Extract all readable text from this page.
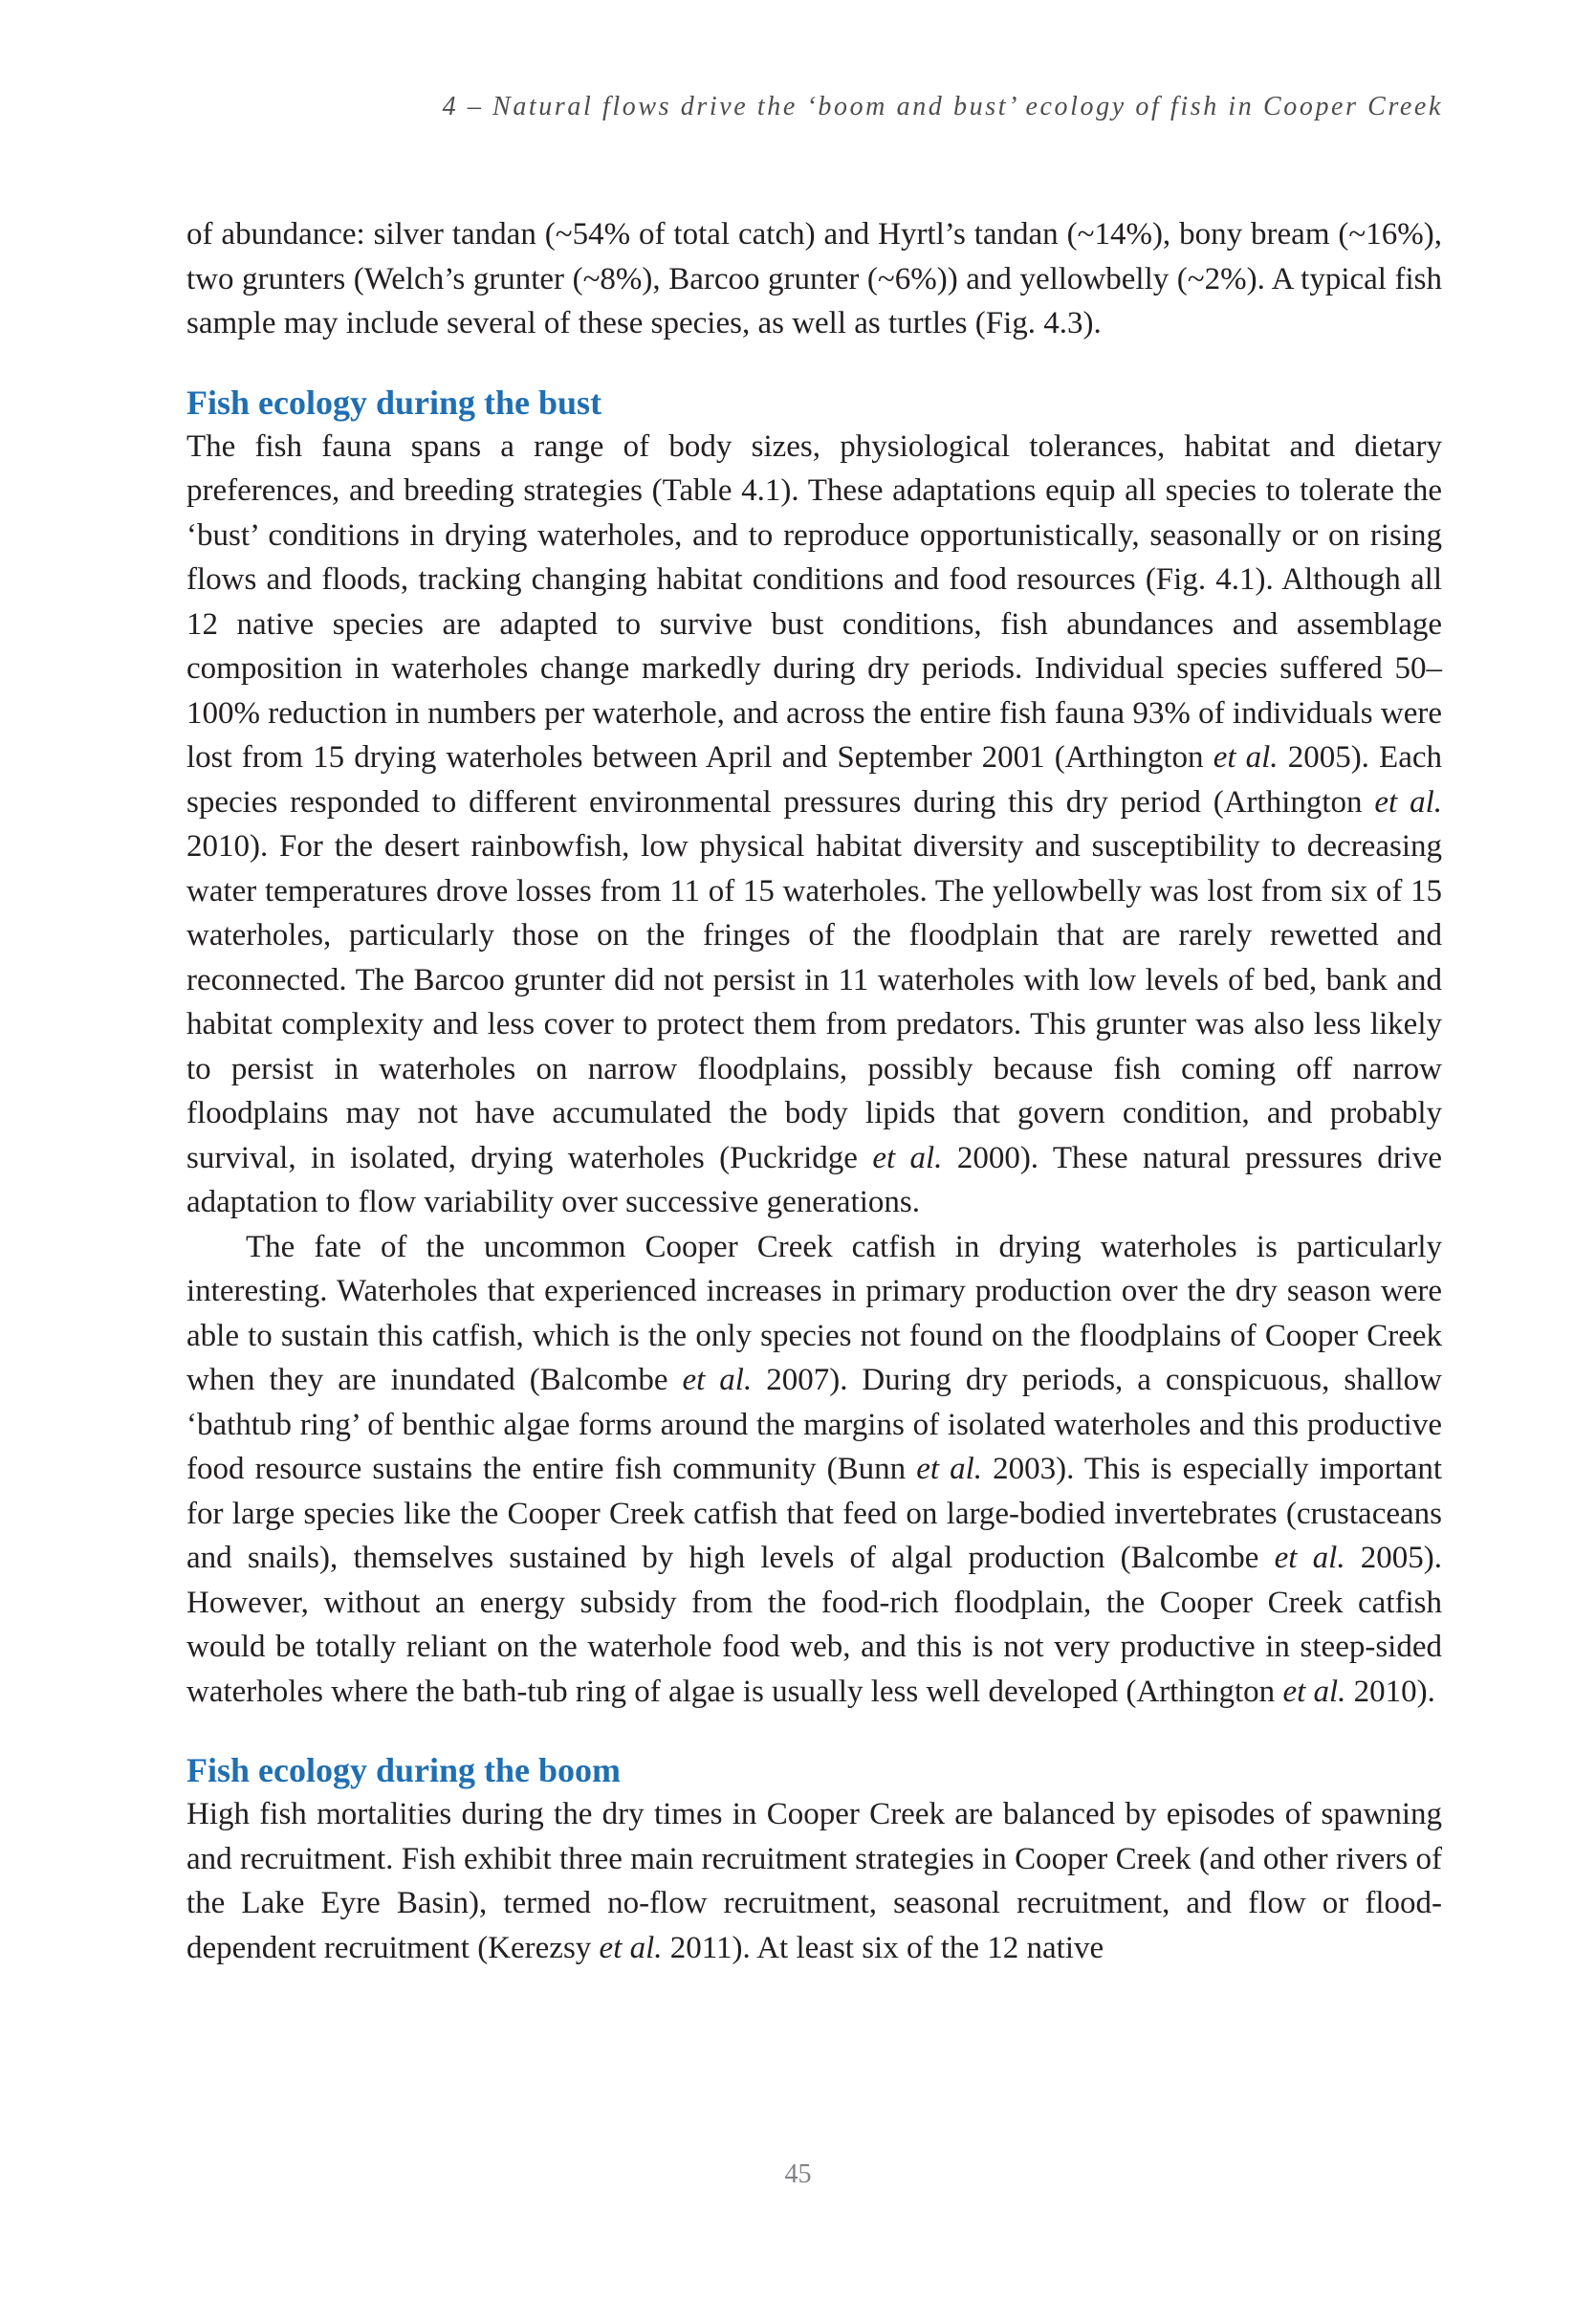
4 – Natural flows drive the ‘boom and bust’ ecology of fish in Cooper Creek

of abundance: silver tandan (~54% of total catch) and Hyrtl’s tandan (~14%), bony bream (~16%), two grunters (Welch’s grunter (~8%), Barcoo grunter (~6%)) and yellowbelly (~2%). A typical fish sample may include several of these species, as well as turtles (Fig. 4.3).

Fish ecology during the bust

The fish fauna spans a range of body sizes, physiological tolerances, habitat and dietary preferences, and breeding strategies (Table 4.1). These adaptations equip all species to tolerate the ‘bust’ conditions in drying waterholes, and to reproduce opportunistically, seasonally or on rising flows and floods, tracking changing habitat conditions and food resources (Fig. 4.1). Although all 12 native species are adapted to survive bust conditions, fish abundances and assemblage composition in waterholes change markedly during dry periods. Individual species suffered 50–100% reduction in numbers per waterhole, and across the entire fish fauna 93% of individuals were lost from 15 drying waterholes between April and September 2001 (Arthington et al. 2005). Each species responded to different environmental pressures during this dry period (Arthington et al. 2010). For the desert rainbowfish, low physical habitat diversity and susceptibility to decreasing water temperatures drove losses from 11 of 15 waterholes. The yellowbelly was lost from six of 15 waterholes, particularly those on the fringes of the floodplain that are rarely rewetted and reconnected. The Barcoo grunter did not persist in 11 waterholes with low levels of bed, bank and habitat complexity and less cover to protect them from predators. This grunter was also less likely to persist in waterholes on narrow floodplains, possibly because fish coming off narrow floodplains may not have accumulated the body lipids that govern condition, and probably survival, in isolated, drying waterholes (Puckridge et al. 2000). These natural pressures drive adaptation to flow variability over successive generations.

The fate of the uncommon Cooper Creek catfish in drying waterholes is particularly interesting. Waterholes that experienced increases in primary production over the dry season were able to sustain this catfish, which is the only species not found on the floodplains of Cooper Creek when they are inundated (Balcombe et al. 2007). During dry periods, a conspicuous, shallow ‘bathtub ring’ of benthic algae forms around the margins of isolated waterholes and this productive food resource sustains the entire fish community (Bunn et al. 2003). This is especially important for large species like the Cooper Creek catfish that feed on large-bodied invertebrates (crustaceans and snails), themselves sustained by high levels of algal production (Balcombe et al. 2005). However, without an energy subsidy from the food-rich floodplain, the Cooper Creek catfish would be totally reliant on the waterhole food web, and this is not very productive in steep-sided waterholes where the bath-tub ring of algae is usually less well developed (Arthington et al. 2010).

Fish ecology during the boom

High fish mortalities during the dry times in Cooper Creek are balanced by episodes of spawning and recruitment. Fish exhibit three main recruitment strategies in Cooper Creek (and other rivers of the Lake Eyre Basin), termed no-flow recruitment, seasonal recruitment, and flow or flood-dependent recruitment (Kerezsy et al. 2011). At least six of the 12 native

45
